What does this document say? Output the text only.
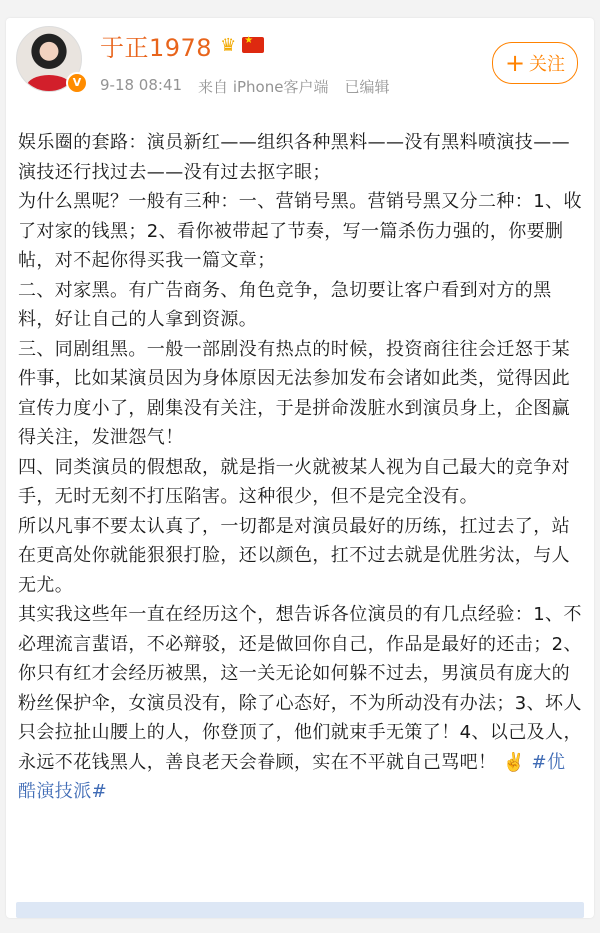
V
于正1978 ♛
★
9-18 08:41 来自 iPhone客户端 已编辑
+ 关注

娱乐圈的套路：演员新红——组织各种黑料——没有黑料喷演技——演技还行找过去——没有过去抠字眼；

为什么黑呢？一般有三种：一、营销号黑。营销号黑又分二种：1、收了对家的钱黑；2、看你被带起了节奏，写一篇杀伤力强的，你要删帖，对不起你得买我一篇文章；

二、对家黑。有广告商务、角色竞争，急切要让客户看到对方的黑料，好让自己的人拿到资源。

三、同剧组黑。一般一部剧没有热点的时候，投资商往往会迁怒于某件事，比如某演员因为身体原因无法参加发布会诸如此类，觉得因此宣传力度小了，剧集没有关注，于是拼命泼脏水到演员身上，企图赢得关注，发泄怨气！

四、同类演员的假想敌，就是指一火就被某人视为自己最大的竞争对手，无时无刻不打压陷害。这种很少，但不是完全没有。

所以凡事不要太认真了，一切都是对演员最好的历练，扛过去了，站在更高处你就能狠狠打脸，还以颜色，扛不过去就是优胜劣汰，与人无尤。

其实我这些年一直在经历这个，想告诉各位演员的有几点经验：1、不必理流言蜚语，不必辩驳，还是做回你自己，作品是最好的还击；2、你只有红才会经历被黑，这一关无论如何躲不过去，男演员有庞大的粉丝保护伞，女演员没有，除了心态好，不为所动没有办法；3、坏人只会拉扯山腰上的人，你登顶了，他们就束手无策了！4、以己及人，永远不花钱黑人，善良老天会眷顾，实在不平就自己骂吧！ ✌️ #优酷演技派#
